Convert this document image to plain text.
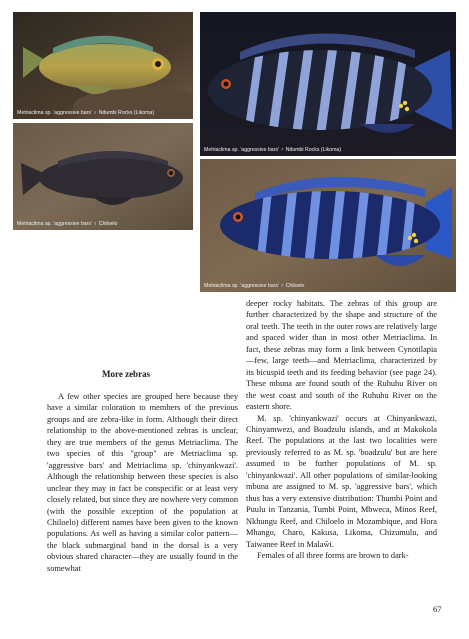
Metriaclima sp. 'aggressive bars' ♀ Ndumbi Rocks (Likoma)
Metriaclima sp. 'aggressive bars' ♂ Ndumbi Rocks (Likoma)
Metriaclima sp. 'aggressive bars' ♀ Chiloelo
Metriaclima sp. 'aggressive bars' ♂ Chiloelo
More zebras

A few other species are grouped here because they have a similar coloration to members of the previous groups and are zebra-like in form. Although their direct relationship to the above-mentioned zebras is unclear, they are true members of the genus Metriaclima. The two species of this "group" are Metriaclima sp. 'aggressive bars' and Metriaclima sp. 'chinyankwazi'. Although the relationship between these species is also unclear they may in fact be conspecific or at least very closely related, but since they are nowhere very common (with the possible exception of the population at Chiloelo) different names have been given to the known populations. As well as having a similar color pattern—the black submarginal band in the dorsal is a very obvious shared character—they are usually found in the somewhat

deeper rocky habitats. The zebras of this group are further characterized by the shape and structure of the oral teeth. The teeth in the outer rows are relatively large and spaced wider than in most other Metriaclima. In fact, these zebras may form a link between Cynotilapia—few, large teeth—and Metriaclima, characterized by its bicuspid teeth and its feeding behavior (see page 24). These mbuna are found south of the Ruhuhu River on the west coast and south of the Ruhuhu River on the eastern shore.

M. sp. 'chinyankwazi' occurs at Chinyankwazi, Chinyamwezi, and Boadzulu islands, and at Makokola Reef. The populations at the last two localities were previously referred to as M. sp. 'boadzulu' but are here assumed to be further populations of M. sp. 'chinyankwazi'. All other populations of similar-looking mbuna are assigned to M. sp. 'aggressive bars', which thus has a very extensive distribution: Thumbi Point and Puulu in Tanzania, Tumbi Point, Mbweca, Minos Reef, Nkhungu Reef, and Chiloelo in Mozambique, and Hora Mhango, Charo, Kakusa, Likoma, Chizumulu, and Taiwanee Reef in Malaŵi.

Females of all three forms are brown to dark-

67
